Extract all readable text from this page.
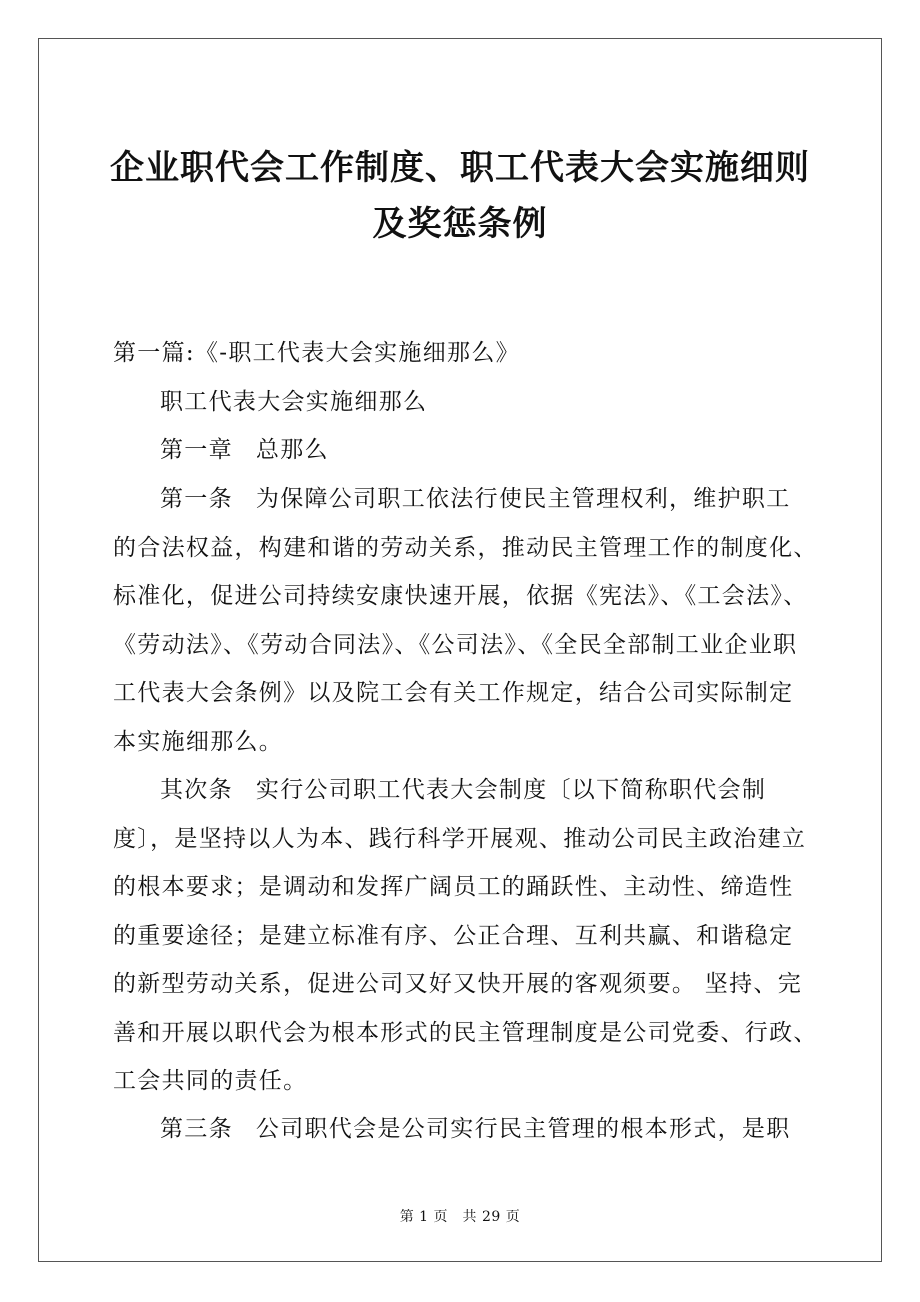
企业职代会工作制度、职工代表大会实施细则
及奖惩条例
第一篇:《-职工代表大会实施细那么》
职工代表大会实施细那么
第一章 总那么
第一条 为保障公司职工依法行使民主管理权利，维护职工
的合法权益，构建和谐的劳动关系，推动民主管理工作的制度化、
标准化，促进公司持续安康快速开展，依据《宪法》、《工会法》、
《劳动法》、《劳动合同法》、《公司法》、《全民全部制工业企业职
工代表大会条例》以及院工会有关工作规定，结合公司实际制定
本实施细那么。
其次条 实行公司职工代表大会制度〔以下简称职代会制
度〕，是坚持以人为本、践行科学开展观、推动公司民主政治建立
的根本要求；是调动和发挥广阔员工的踊跃性、主动性、缔造性
的重要途径；是建立标准有序、公正合理、互利共赢、和谐稳定
的新型劳动关系，促进公司又好又快开展的客观须要。 坚持、完
善和开展以职代会为根本形式的民主管理制度是公司党委、行政、
工会共同的责任。
第三条 公司职代会是公司实行民主管理的根本形式，是职
第 1 页　共 29 页
